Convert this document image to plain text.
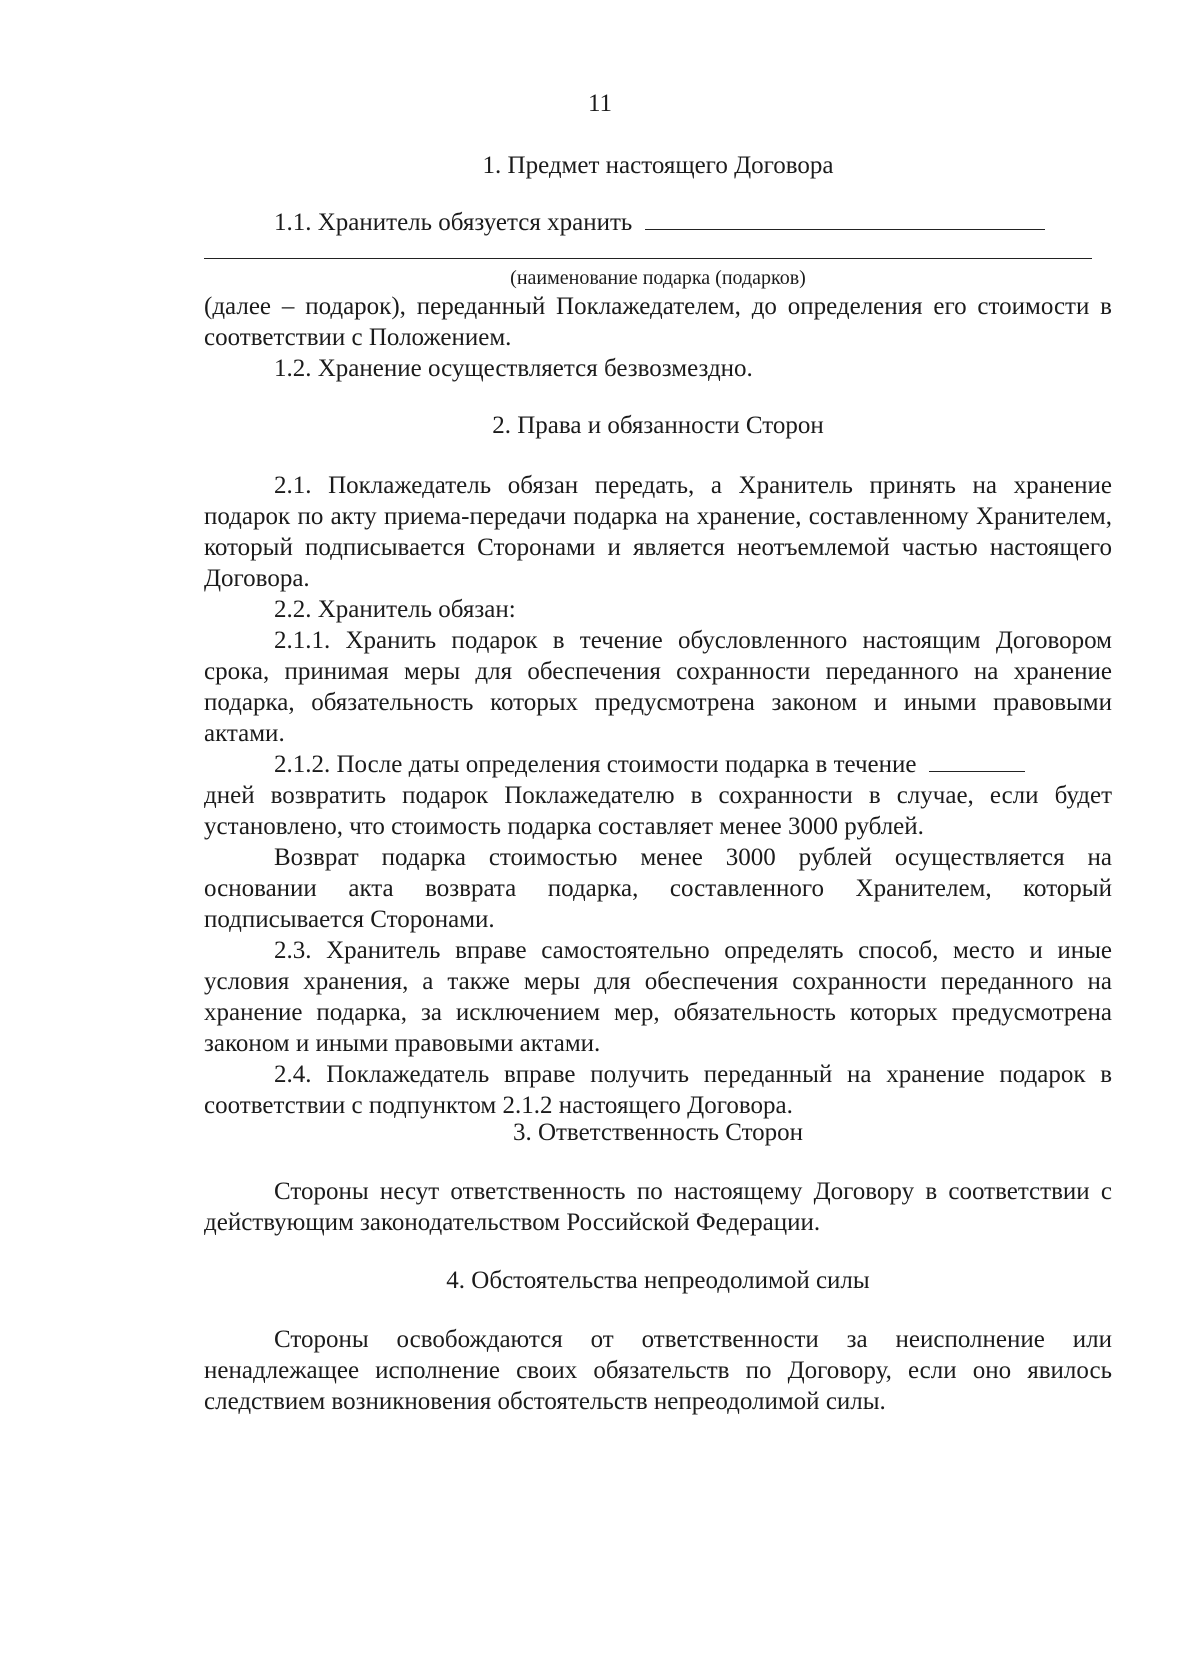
11
1. Предмет настоящего Договора
1.1. Хранитель обязуется хранить
(наименование подарка (подарков)

(далее – подарок), переданный Поклажедателем, до определения его стоимости в соответствии с Положением.

1.2. Хранение осуществляется безвозмездно.

2. Права и обязанности Сторон

2.1. Поклажедатель обязан передать, а Хранитель принять на хранение подарок по акту приема-передачи подарка на хранение, составленному Хранителем, который подписывается Сторонами и является неотъемлемой частью настоящего Договора.

2.2. Хранитель обязан:

2.1.1. Хранить подарок в течение обусловленного настоящим Договором срока, принимая меры для обеспечения сохранности переданного на хранение подарка, обязательность которых предусмотрена законом и иными правовыми актами.

2.1.2. После даты определения стоимости подарка в течение

дней возвратить подарок Поклажедателю в сохранности в случае, если будет установлено, что стоимость подарка составляет менее 3000 рублей.

Возврат подарка стоимостью менее 3000 рублей осуществляется на основании акта возврата подарка, составленного Хранителем, который подписывается Сторонами.

2.3. Хранитель вправе самостоятельно определять способ, место и иные условия хранения, а также меры для обеспечения сохранности переданного на хранение подарка, за исключением мер, обязательность которых предусмотрена законом и иными правовыми актами.

2.4. Поклажедатель вправе получить переданный на хранение подарок в соответствии с подпунктом 2.1.2 настоящего Договора.

3. Ответственность Сторон

Стороны несут ответственность по настоящему Договору в соответствии с действующим законодательством Российской Федерации.

4. Обстоятельства непреодолимой силы

Стороны освобождаются от ответственности за неисполнение или ненадлежащее исполнение своих обязательств по Договору, если оно явилось следствием возникновения обстоятельств непреодолимой силы.
